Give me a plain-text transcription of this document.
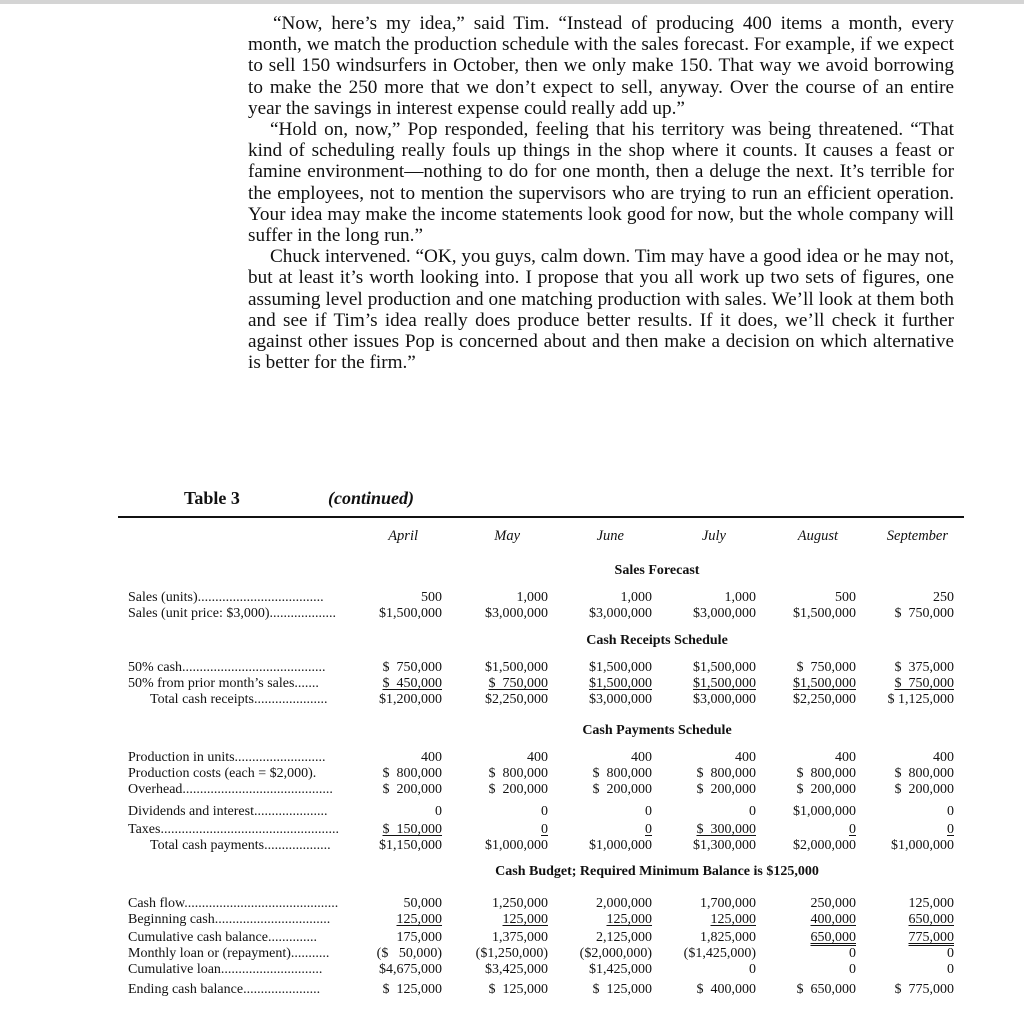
“Now, here’s my idea,” said Tim. “Instead of producing 400 items a month, every month, we match the production schedule with the sales forecast. For example, if we expect to sell 150 windsurfers in October, then we only make 150. That way we avoid borrowing to make the 250 more that we don’t expect to sell, anyway. Over the course of an entire year the savings in interest expense could really add up.”

“Hold on, now,” Pop responded, feeling that his territory was being threatened. “That kind of scheduling really fouls up things in the shop where it counts. It causes a feast or famine environment—nothing to do for one month, then a deluge the next. It’s terrible for the employees, not to mention the supervisors who are trying to run an efficient operation. Your idea may make the income statements look good for now, but the whole company will suffer in the long run.”

Chuck intervened. “OK, you guys, calm down. Tim may have a good idea or he may not, but at least it’s worth looking into. I propose that you all work up two sets of figures, one assuming level production and one matching production with sales. We’ll look at them both and see if Tim’s idea really does produce better results. If it does, we’ll check it further against other issues Pop is concerned about and then make a decision on which alternative is better for the firm.”

Table 3	(continued)
April	May	June	July	August	September
Sales Forecast
Cash Receipts Schedule
Cash Payments Schedule
Cash Budget; Required Minimum Balance is $125,000
Sales (units)....................................	500	1,000	1,000	1,000	500	250
Sales (unit price: $3,000)...................	$1,500,000	$3,000,000	$3,000,000	$3,000,000	$1,500,000	$  750,000
50% cash.........................................	$  750,000	$1,500,000	$1,500,000	$1,500,000	$  750,000	$  375,000
50% from prior month’s sales.......	$  450,000	$  750,000	$1,500,000	$1,500,000	$1,500,000	$  750,000
Total cash receipts.....................	$1,200,000	$2,250,000	$3,000,000	$3,000,000	$2,250,000	$ 1,125,000
Production in units..........................	400	400	400	400	400	400
Production costs (each = $2,000).	$  800,000	$  800,000	$  800,000	$  800,000	$  800,000	$  800,000
Overhead...........................................	$  200,000	$  200,000	$  200,000	$  200,000	$  200,000	$  200,000
Dividends and interest.....................	0	0	0	0	$1,000,000	0
Taxes...................................................	$  150,000	0	0	$  300,000	0	0
Total cash payments...................	$1,150,000	$1,000,000	$1,000,000	$1,300,000	$2,000,000	$1,000,000
Cash flow............................................	50,000	1,250,000	2,000,000	1,700,000	250,000	125,000
Beginning cash.................................	125,000	125,000	125,000	125,000	400,000	650,000
Cumulative cash balance..............	175,000	1,375,000	2,125,000	1,825,000	650,000	775,000
Monthly loan or (repayment)...........	($   50,000)	($1,250,000)	($2,000,000)	($1,425,000)	0	0
Cumulative loan.............................	$4,675,000	$3,425,000	$1,425,000	0	0	0
Ending cash balance......................	$  125,000	$  125,000	$  125,000	$  400,000	$  650,000	$  775,000
